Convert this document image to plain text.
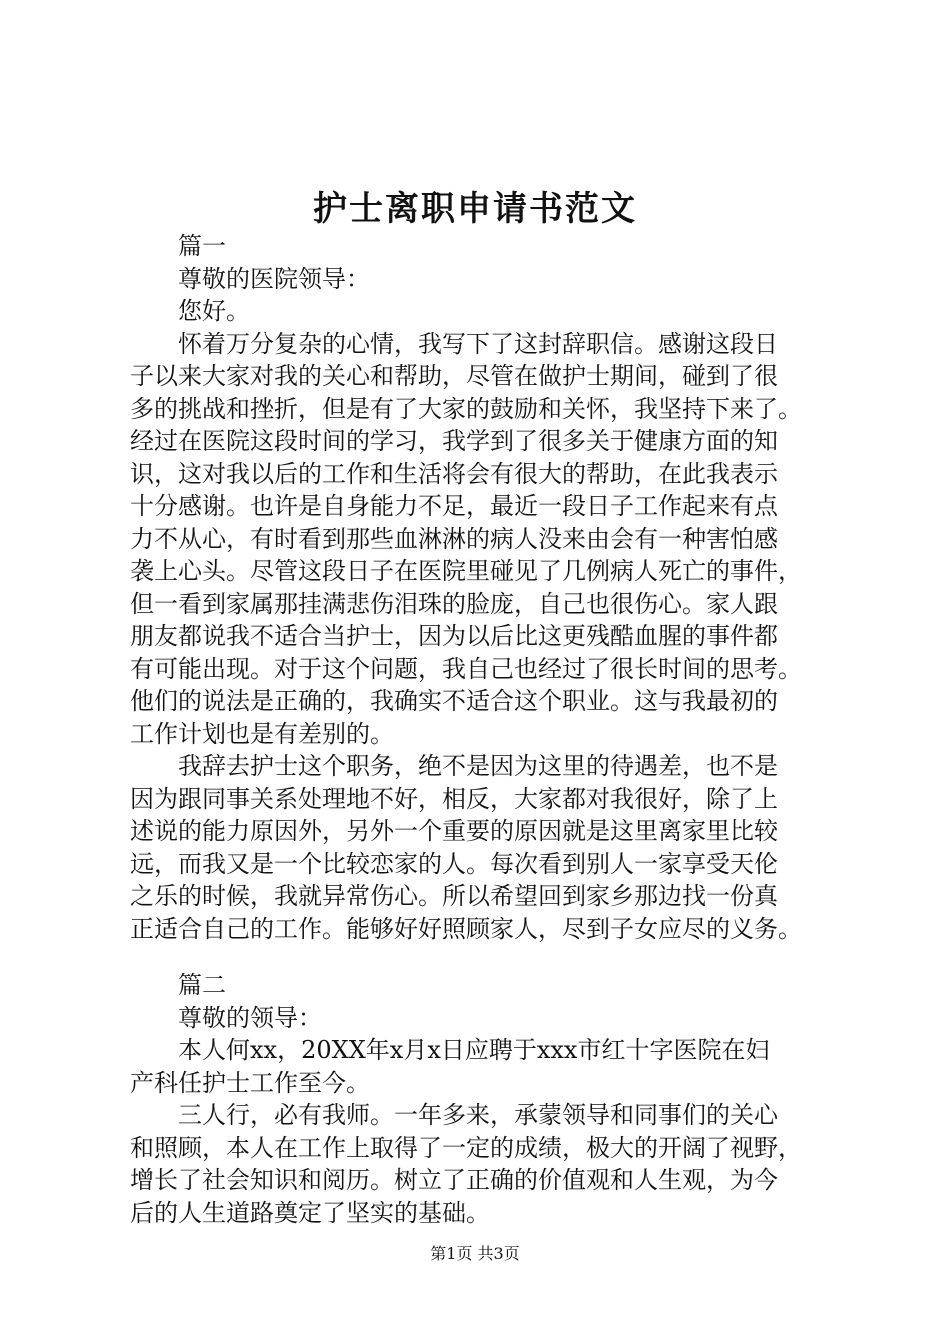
护士离职申请书范文

篇一

尊敬的医院领导：

您好。

怀着万分复杂的心情，我写下了这封辞职信。感谢这段日

子以来大家对我的关心和帮助，尽管在做护士期间，碰到了很

多的挑战和挫折，但是有了大家的鼓励和关怀，我坚持下来了。

经过在医院这段时间的学习，我学到了很多关于健康方面的知

识，这对我以后的工作和生活将会有很大的帮助，在此我表示

十分感谢。也许是自身能力不足，最近一段日子工作起来有点

力不从心，有时看到那些血淋淋的病人没来由会有一种害怕感

袭上心头。尽管这段日子在医院里碰见了几例病人死亡的事件，

但一看到家属那挂满悲伤泪珠的脸庞，自己也很伤心。家人跟

朋友都说我不适合当护士，因为以后比这更残酷血腥的事件都

有可能出现。对于这个问题，我自己也经过了很长时间的思考。

他们的说法是正确的，我确实不适合这个职业。这与我最初的

工作计划也是有差别的。

我辞去护士这个职务，绝不是因为这里的待遇差，也不是

因为跟同事关系处理地不好，相反，大家都对我很好，除了上

述说的能力原因外，另外一个重要的原因就是这里离家里比较

远，而我又是一个比较恋家的人。每次看到别人一家享受天伦

之乐的时候，我就异常伤心。所以希望回到家乡那边找一份真

正适合自己的工作。能够好好照顾家人，尽到子女应尽的义务。

篇二

尊敬的领导：

本人何xx，20XX年x月x日应聘于xxx市红十字医院在妇

产科任护士工作至今。

三人行，必有我师。一年多来，承蒙领导和同事们的关心

和照顾，本人在工作上取得了一定的成绩，极大的开阔了视野，

增长了社会知识和阅历。树立了正确的价值观和人生观，为今

后的人生道路奠定了坚实的基础。

第1页 共3页
